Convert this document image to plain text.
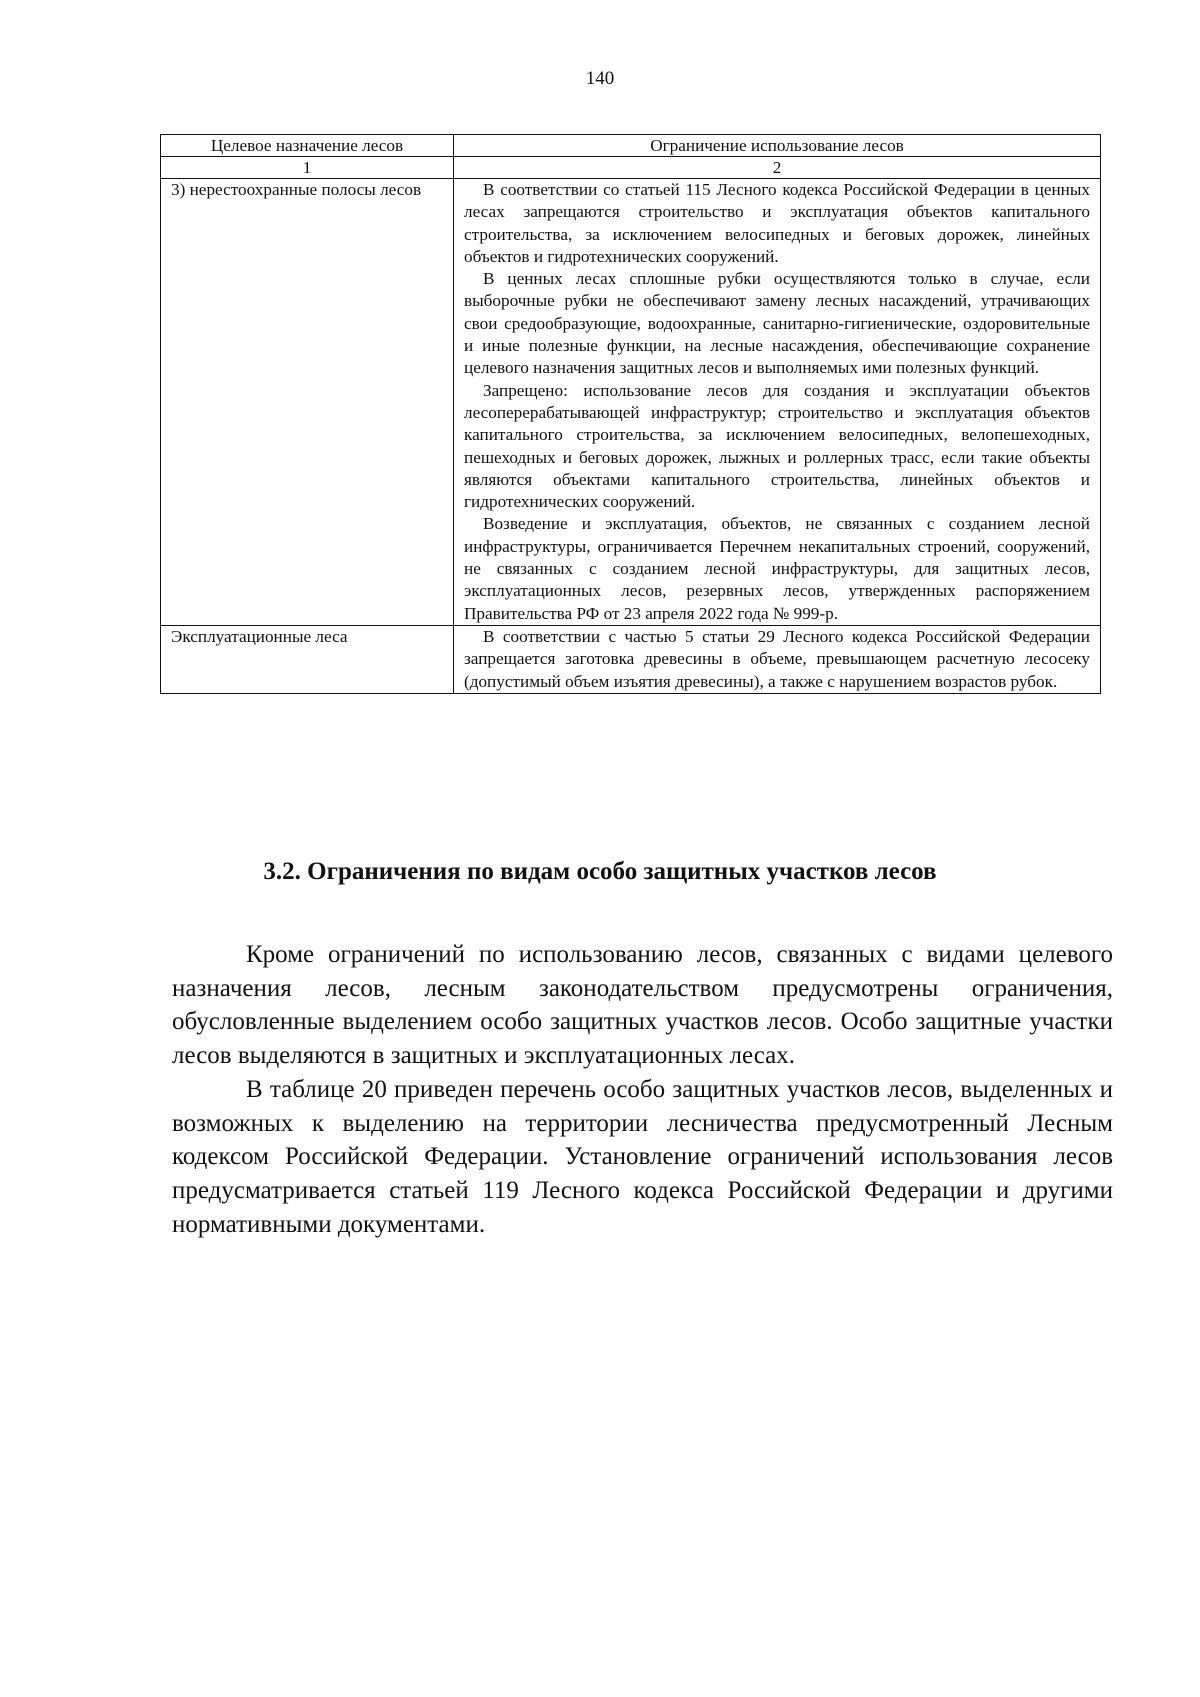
140
Целевое назначение лесов	Ограничение использование лесов
1	2
3) нерестоохранные полосы лесов	В соответствии со статьей 115 Лесного кодекса Российской Федерации в ценных лесах запрещаются строительство и эксплуатация объектов капитального строительства, за исключением велосипедных и беговых дорожек, линейных объектов и гидротехнических сооружений.

В ценных лесах сплошные рубки осуществляются только в случае, если выборочные рубки не обеспечивают замену лесных насаждений, утрачивающих свои средообразующие, водоохранные, санитарно-гигиенические, оздоровительные и иные полезные функции, на лесные насаждения, обеспечивающие сохранение целевого назначения защитных лесов и выполняемых ими полезных функций.

Запрещено: использование лесов для создания и эксплуатации объектов лесоперерабатывающей инфраструктур; строительство и эксплуатация объектов капитального строительства, за исключением велосипедных, велопешеходных, пешеходных и беговых дорожек, лыжных и роллерных трасс, если такие объекты являются объектами капитального строительства, линейных объектов и гидротехнических сооружений.

Возведение и эксплуатация, объектов, не связанных с созданием лесной инфраструктуры, ограничивается Перечнем некапитальных строений, сооружений, не связанных с созданием лесной инфраструктуры, для защитных лесов, эксплуатационных лесов, резервных лесов, утвержденных распоряжением Правительства РФ от 23 апреля 2022 года № 999-р.

Эксплуатационные леса	В соответствии с частью 5 статьи 29 Лесного кодекса Российской Федерации запрещается заготовка древесины в объеме, превышающем расчетную лесосеку (допустимый объем изъятия древесины), а также с нарушением возрастов рубок.

3.2. Ограничения по видам особо защитных участков лесов

Кроме ограничений по использованию лесов, связанных с видами целевого назначения лесов, лесным законодательством предусмотрены ограничения, обусловленные выделением особо защитных участков лесов. Особо защитные участки лесов выделяются в защитных и эксплуатационных лесах.

В таблице 20 приведен перечень особо защитных участков лесов, выделенных и возможных к выделению на территории лесничества предусмотренный Лесным кодексом Российской Федерации. Установление ограничений использования лесов предусматривается статьей 119 Лесного кодекса Российской Федерации и другими нормативными документами.
